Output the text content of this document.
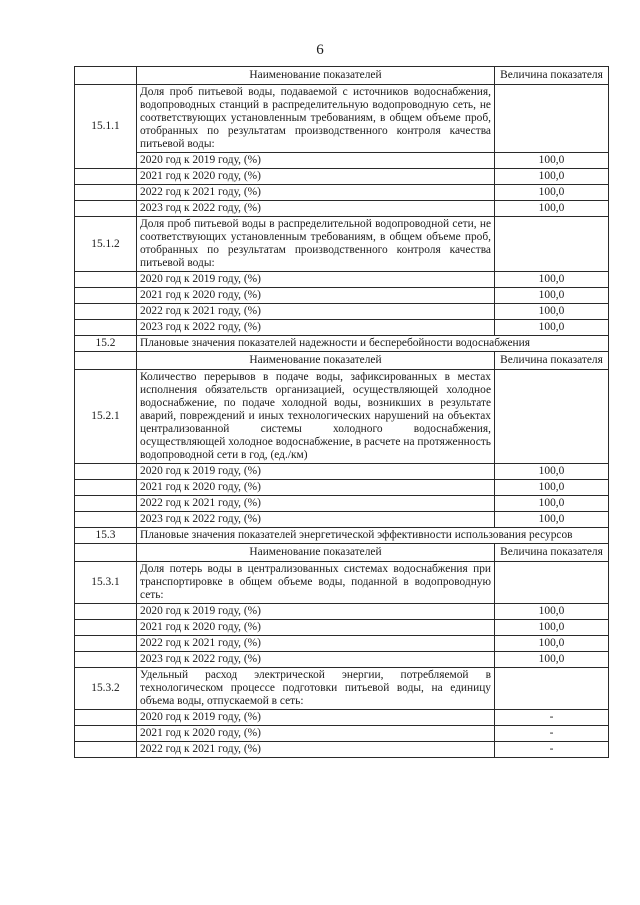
6
	Наименование показателей	Величина показателя
15.1.1	Доля проб питьевой воды, подаваемой с источников водоснабжения, водопроводных станций в распределительную водопроводную сеть, не соответствующих установленным требованиям, в общем объеме проб, отобранных по результатам производственного контроля качества питьевой воды:	
	2020 год к 2019 году, (%)	100,0
	2021 год к 2020 году, (%)	100,0
	2022 год к 2021 году, (%)	100,0
	2023 год к 2022 году, (%)	100,0
15.1.2	Доля проб питьевой воды в распределительной водопроводной сети, не соответствующих установленным требованиям, в общем объеме проб, отобранных по результатам производственного контроля качества питьевой воды:	
	2020 год к 2019 году, (%)	100,0
	2021 год к 2020 году, (%)	100,0
	2022 год к 2021 году, (%)	100,0
	2023 год к 2022 году, (%)	100,0
15.2	Плановые значения показателей надежности и бесперебойности водоснабжения	
	Наименование показателей	Величина показателя
15.2.1	Количество перерывов в подаче воды, зафиксированных в местах исполнения обязательств организацией, осуществляющей холодное водоснабжение, по подаче холодной воды, возникших в результате аварий, повреждений и иных технологических нарушений на объектах централизованной системы холодного водоснабжения, осуществляющей холодное водоснабжение, в расчете на протяженность водопроводной сети в год, (ед./км)	
	2020 год к 2019 году, (%)	100,0
	2021 год к 2020 году, (%)	100,0
	2022 год к 2021 году, (%)	100,0
	2023 год к 2022 году, (%)	100,0
15.3	Плановые значения показателей энергетической эффективности использования ресурсов	
	Наименование показателей	Величина показателя
15.3.1	Доля потерь воды в централизованных системах водоснабжения при транспортировке в общем объеме воды, поданной в водопроводную сеть:	
	2020 год к 2019 году, (%)	100,0
	2021 год к 2020 году, (%)	100,0
	2022 год к 2021 году, (%)	100,0
	2023 год к 2022 году, (%)	100,0
15.3.2	Удельный расход электрической энергии, потребляемой в технологическом процессе подготовки питьевой воды, на единицу объема воды, отпускаемой в сеть:	
	2020 год к 2019 году, (%)	-
	2021 год к 2020 году, (%)	-
	2022 год к 2021 году, (%)	-
